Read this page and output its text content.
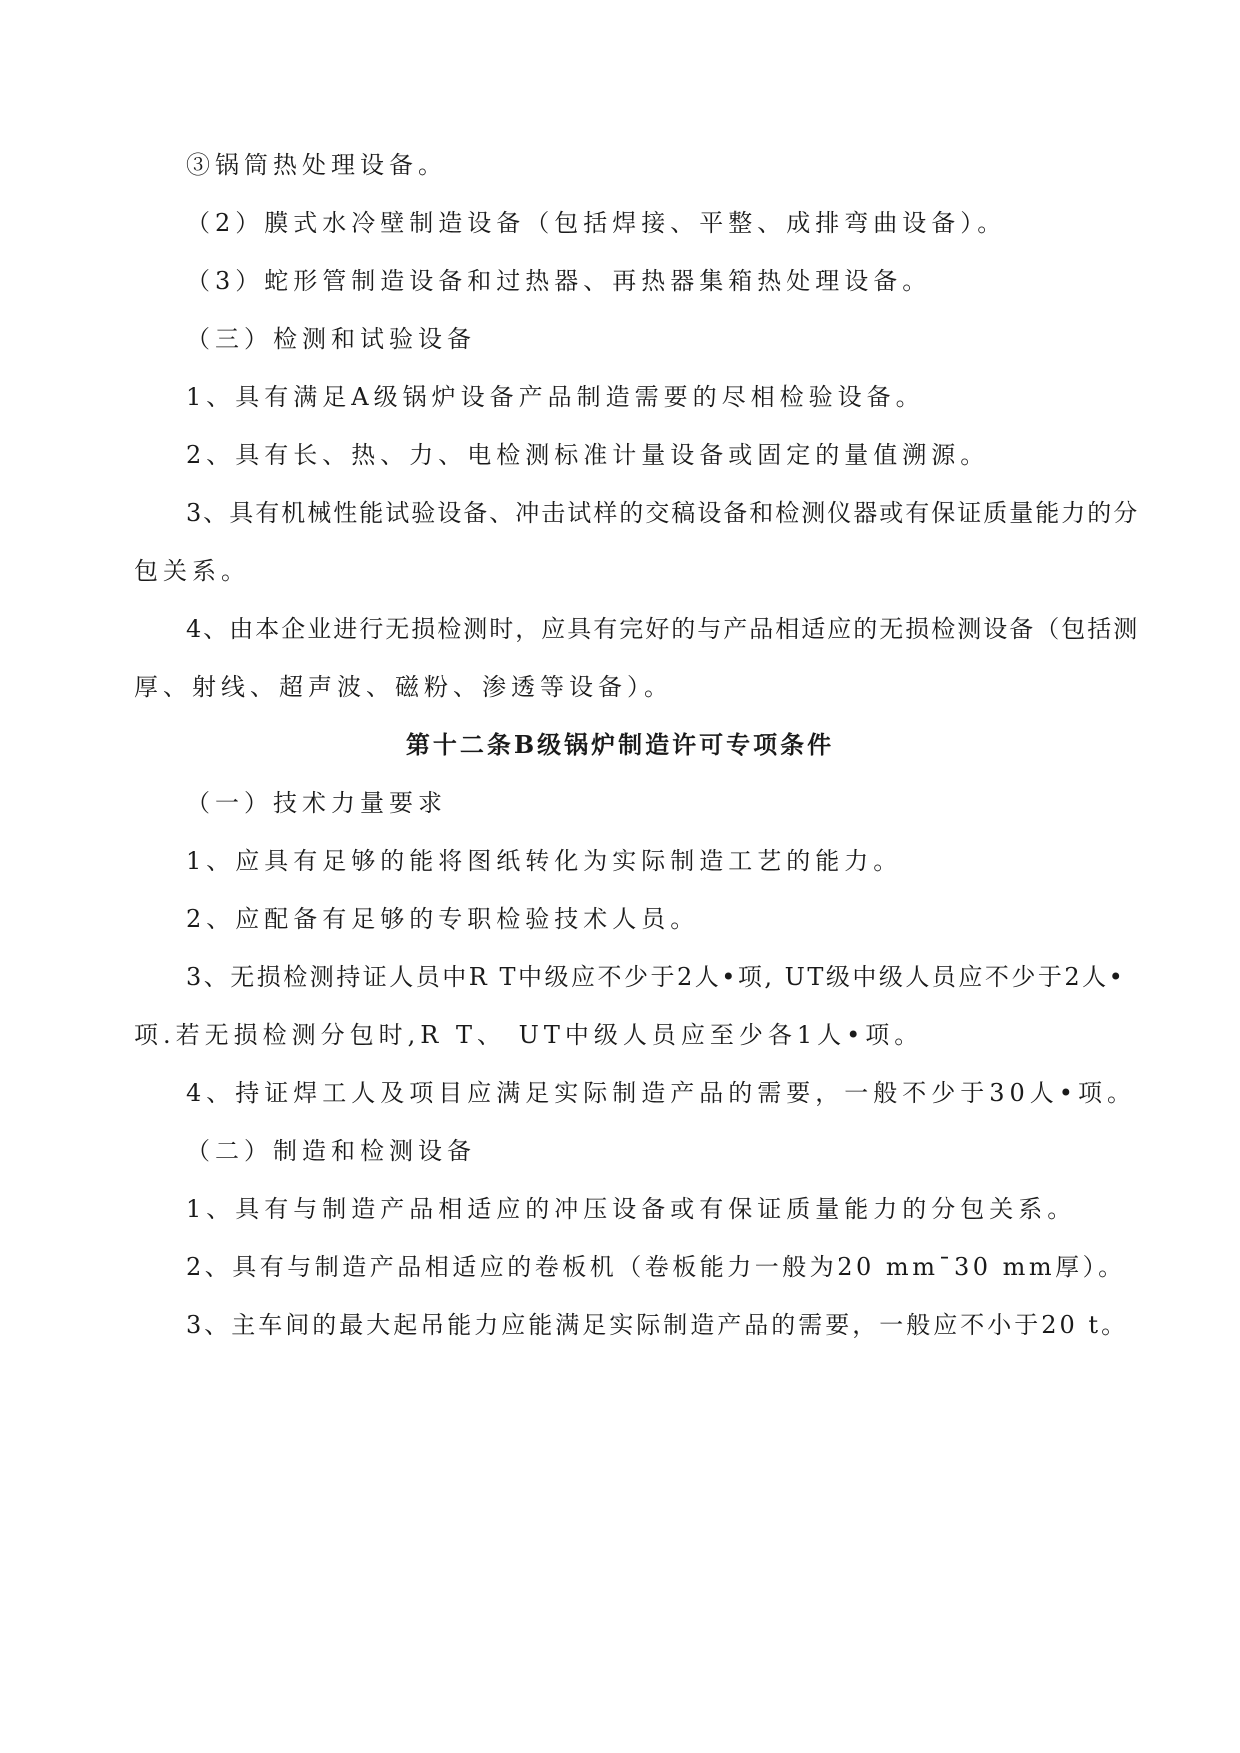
③锅筒热处理设备。
（2）膜式水冷壁制造设备（包括焊接、平整、成排弯曲设备）。
（3）蛇形管制造设备和过热器、再热器集箱热处理设备。
（三）检测和试验设备
1、具有满足A级锅炉设备产品制造需要的尽相检验设备。
2、具有长、热、力、电检测标准计量设备或固定的量值溯源。
3、具有机械性能试验设备、冲击试样的交稿设备和检测仪器或有保证质量能力的分
包关系。
4、由本企业进行无损检测时，应具有完好的与产品相适应的无损检测设备（包括测
厚、射线、超声波、磁粉、渗透等设备）。
第十二条B级锅炉制造许可专项条件
（一）技术力量要求
1、应具有足够的能将图纸转化为实际制造工艺的能力。
2、应配备有足够的专职检验技术人员。
3、无损检测持证人员中R T中级应不少于2人•项, UT级中级人员应不少于2人•
项.若无损检测分包时,R T、 UT中级人员应至少各1人•项。
4、持证焊工人及项目应满足实际制造产品的需要，一般不少于30人•项。
（二）制造和检测设备
1、具有与制造产品相适应的冲压设备或有保证质量能力的分包关系。
2、具有与制造产品相适应的卷板机（卷板能力一般为20 mm¯30 mm厚）。
3、主车间的最大起吊能力应能满足实际制造产品的需要，一般应不小于20 t。
